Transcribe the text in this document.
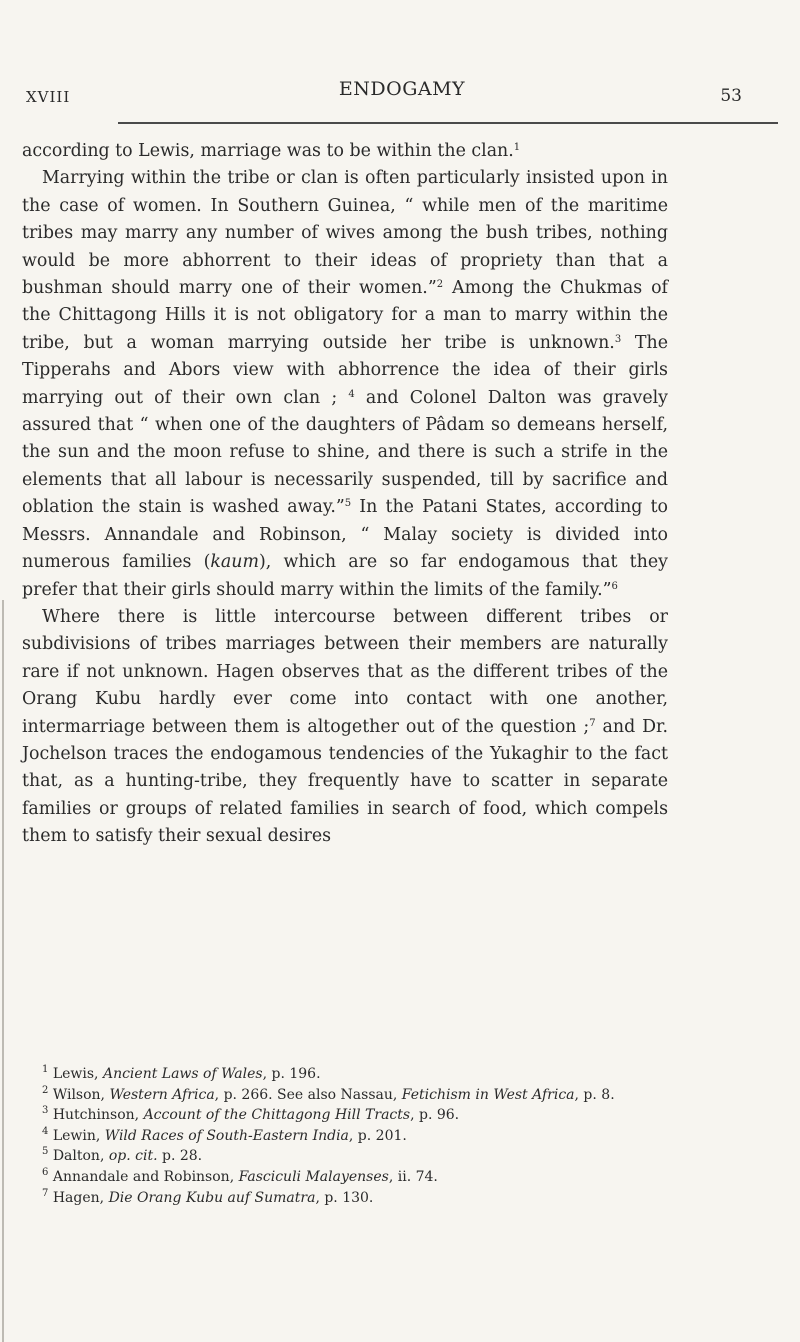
XVIII	ENDOGAMY	53

according to Lewis, marriage was to be within the clan.$^1$

Marrying within the tribe or clan is often particularly insisted upon in the case of women. In Southern Guinea, “ while men of the maritime tribes may marry any number of wives among the bush tribes, nothing would be more abhorrent to their ideas of propriety than that a bushman should marry one of their women.”$^2$ Among the Chukmas of the Chittagong Hills it is not obligatory for a man to marry within the tribe, but a woman marrying outside her tribe is unknown.$^3$ The Tipperahs and Abors view with abhorrence the idea of their girls marrying out of their own clan ; $^4$ and Colonel Dalton was gravely assured that “ when one of the daughters of Pâdam so demeans herself, the sun and the moon refuse to shine, and there is such a strife in the elements that all labour is necessarily suspended, till by sacrifice and oblation the stain is washed away.”$^5$ In the Patani States, according to Messrs. Annandale and Robinson, “ Malay society is divided into numerous families (kaum), which are so far endogamous that they prefer that their girls should marry within the limits of the family.”$^6$

Where there is little intercourse between different tribes or subdivisions of tribes marriages between their members are naturally rare if not unknown. Hagen observes that as the different tribes of the Orang Kubu hardly ever come into contact with one another, intermarriage between them is altogether out of the question ;$^7$ and Dr. Jochelson traces the endogamous tendencies of the Yukaghir to the fact that, as a hunting-tribe, they frequently have to scatter in separate families or groups of related families in search of food, which compels them to satisfy their sexual desires

$^1$ Lewis, Ancient Laws of Wales, p. 196.

$^2$ Wilson, Western Africa, p. 266. See also Nassau, Fetichism in West Africa, p. 8.

$^3$ Hutchinson, Account of the Chittagong Hill Tracts, p. 96.

$^4$ Lewin, Wild Races of South-Eastern India, p. 201.

$^5$ Dalton, op. cit. p. 28.

$^6$ Annandale and Robinson, Fasciculi Malayenses, ii. 74.

$^7$ Hagen, Die Orang Kubu auf Sumatra, p. 130.
